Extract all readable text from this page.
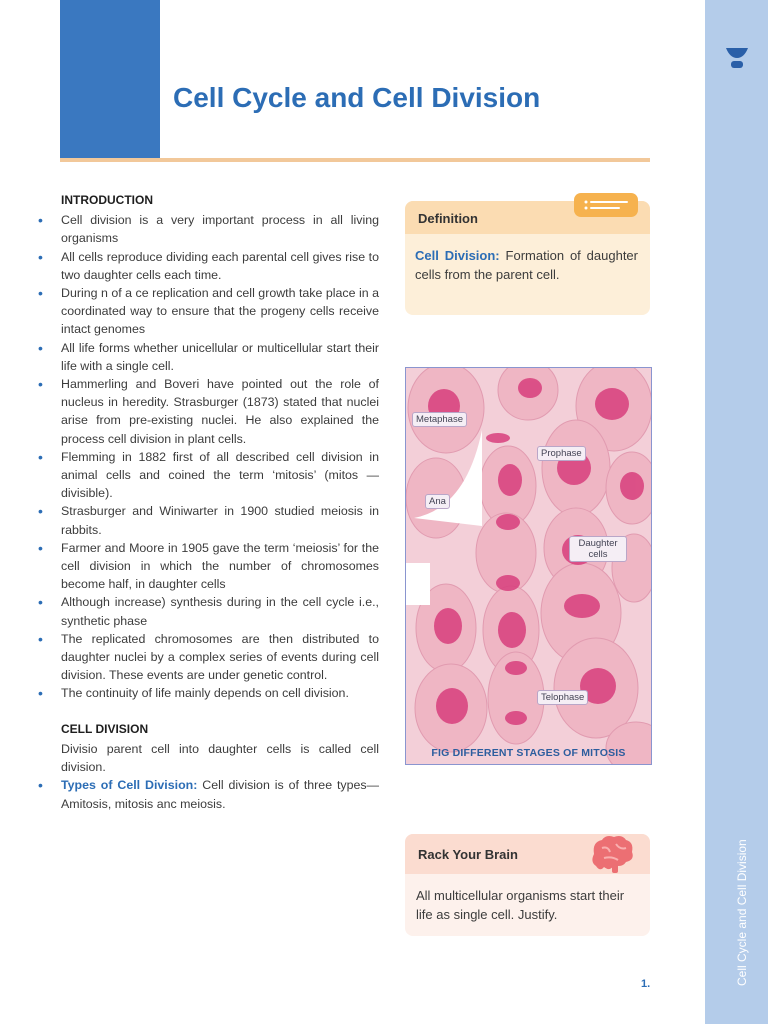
Cell Cycle and Cell Division
Cell Cycle and Cell Division
INTRODUCTION
• Cell division is a very important process in all living organisms
• All cells reproduce dividing each parental cell gives rise to two daughter cells each time.
• During n of a ce replication and cell growth take place in a coordinated way to ensure that the progeny cells receive intact genomes
• All life forms whether unicellular or multicellular start their life with a single cell.
• Hammerling and Boveri have pointed out the role of nucleus in heredity. Strasburger (1873) stated that nuclei arise from pre-existing nuclei. He also explained the process cell division in plant cells.
• Flemming in 1882 first of all described cell division in animal cells and coined the term ‘mitosis’ (mitos — divisible).
• Strasburger and Winiwarter in 1900 studied meiosis in rabbits.
• Farmer and Moore in 1905 gave the term ‘meiosis’ for the cell division in which the number of chromosomes become half, in daughter cells
• Although increase) synthesis during in the cell cycle i.e., synthetic phase
• The replicated chromosomes are then distributed to daughter nuclei by a complex series of events during cell division. These events are under genetic control.
• The continuity of life mainly depends on cell division.
CELL DIVISION

Divisio parent cell into daughter cells is called cell division.

• Types of Cell Division: Cell division is of three types— Amitosis, mitosis anc meiosis.
Definition

Cell Division: Formation of daughter cells from the parent cell.

Metaphase
Prophase
Ana
Daughter cells
Telophase
FIG DIFFERENT STAGES OF MITOSIS
Rack Your Brain

All multicellular organisms start their life as single cell. Justify.

1.
